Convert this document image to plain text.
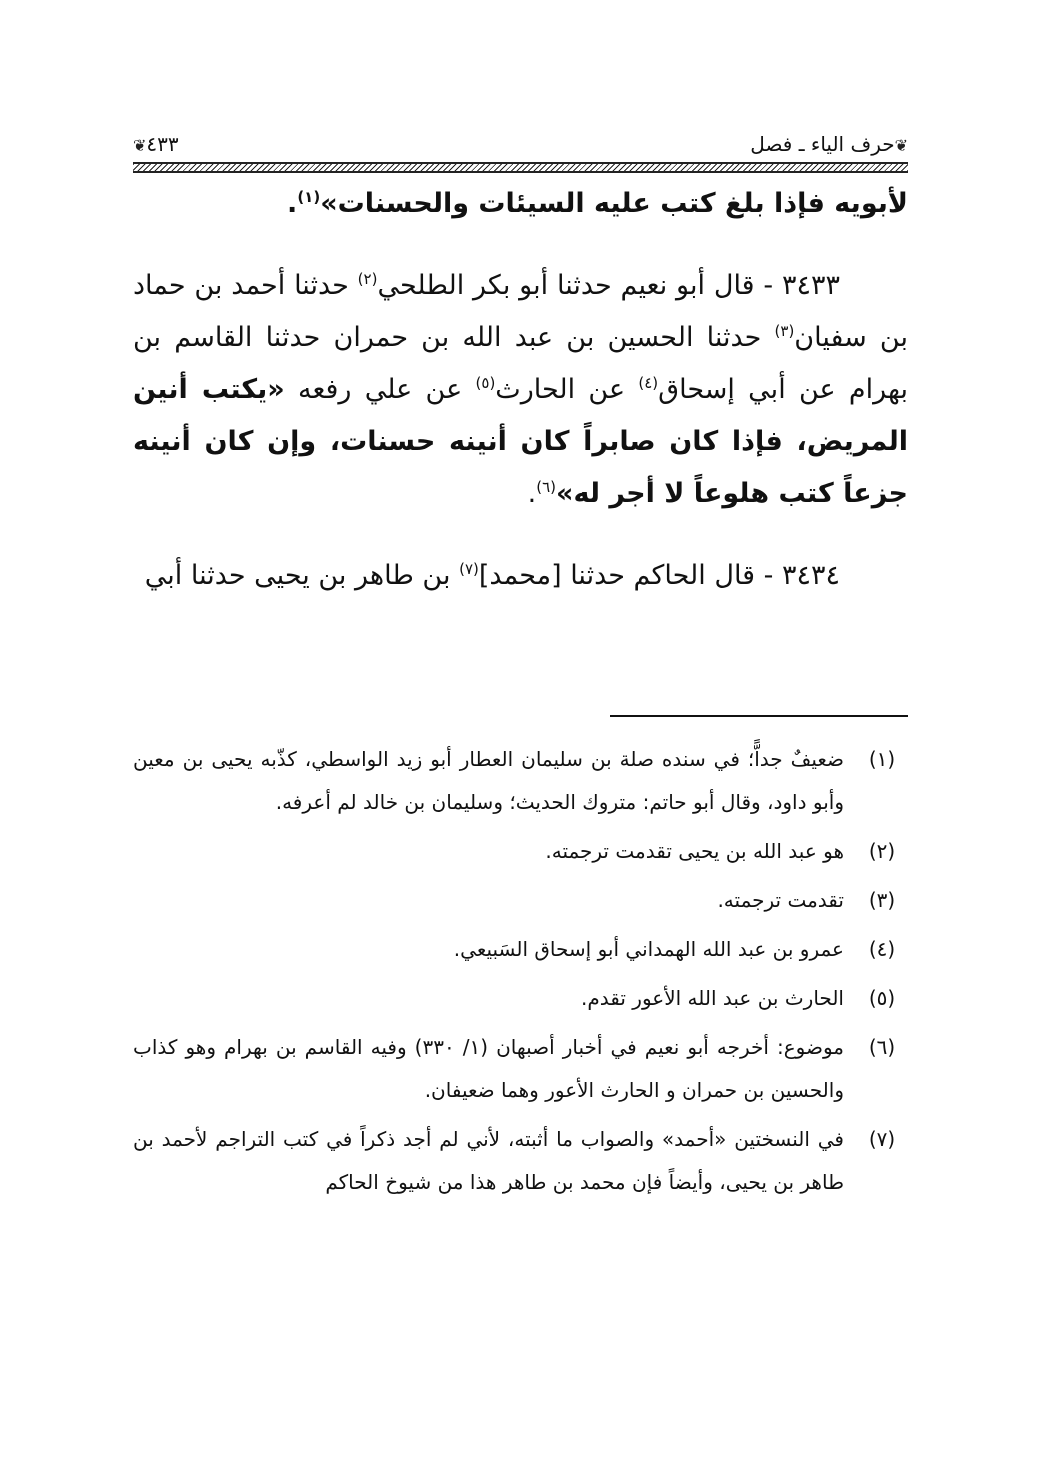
❦حرف الياء ـ فصل
٤٣٣❦

لأبويه فإذا بلغ كتب عليه السيئات والحسنات»$^{(١)}$.

٣٤٣٣ - قال أبو نعيم حدثنا أبو بكر الطلحي$^{(٢)}$ حدثنا أحمد بن حماد بن سفيان$^{(٣)}$ حدثنا الحسين بن عبد الله بن حمران حدثنا القاسم بن بهرام عن أبي إسحاق$^{(٤)}$ عن الحارث$^{(٥)}$ عن علي رفعه «يكتب أنين المريض، فإذا كان صابراً كان أنينه حسنات، وإن كان أنينه جزعاً كتب هلوعاً لا أجر له»$^{(٦)}$.

٣٤٣٤ - قال الحاكم حدثنا [محمد]$^{(٧)}$ بن طاهر بن يحيى حدثنا أبي

(١)
ضعيفٌ جداًّ؛ في سنده صلة بن سليمان العطار أبو زيد الواسطي، كذّبه يحيى بن معين وأبو داود، وقال أبو حاتم: متروك الحديث؛ وسليمان بن خالد لم أعرفه.
(٢)
هو عبد الله بن يحيى تقدمت ترجمته.
(٣)
تقدمت ترجمته.
(٤)
عمرو بن عبد الله الهمداني أبو إسحاق السَبيعي.
(٥)
الحارث بن عبد الله الأعور تقدم.
(٦)
موضوع: أخرجه أبو نعيم في أخبار أصبهان (١/ ٣٣٠) وفيه القاسم بن بهرام وهو كذاب والحسين بن حمران و الحارث الأعور وهما ضعيفان.
(٧)
في النسختين «أحمد» والصواب ما أثبته، لأني لم أجد ذكراً في كتب التراجم لأحمد بن طاهر بن يحيى، وأيضاً فإن محمد بن طاهر هذا من شيوخ الحاكم
